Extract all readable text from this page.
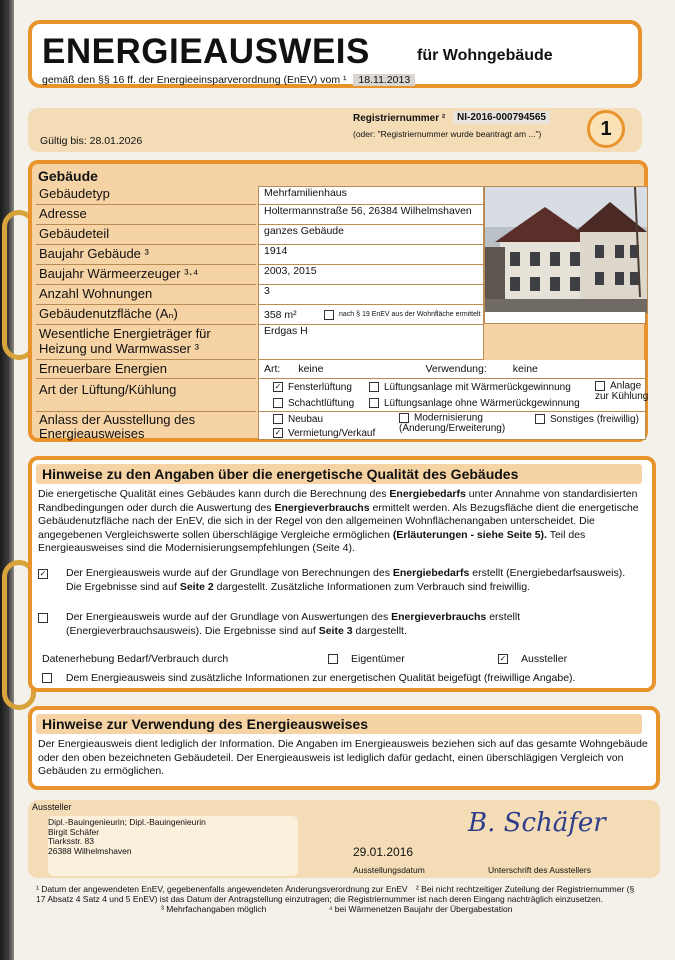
ENERGIEAUSWEIS	für Wohngebäude
gemäß den §§ 16 ff. der Energieeinsparverordnung (EnEV) vom ¹ 18.11.2013
Gültig bis: 28.01.2026
Registriernummer ²	NI-2016-000794565
(oder: "Registriernummer wurde beantragt am ...")	1
Gebäude
Gebäudetyp	Mehrfamilienhaus
Adresse	Holtermannstraße 56, 26384 Wilhelmshaven
Gebäudeteil	ganzes Gebäude
Baujahr Gebäude ³	1914
Baujahr Wärmeerzeuger ³·⁴	2003, 2015
Anzahl Wohnungen	3
Gebäudenutzfläche (Aₙ)	358 m²	nach § 19 EnEV aus der Wohnfläche ermittelt
Wesentliche Energieträger für
Heizung und Warmwasser ³
Erdgas H
Erneuerbare Energien	Art: keine	Verwendung: keine
Art der Lüftung/Kühlung	✓ Fensterlüftung	Lüftungsanlage mit Wärmerückgewinnung	Anlage zur Kühlung
Schachtlüftung	Lüftungsanlage ohne Wärmerückgewinnung
Anlass der Ausstellung des
Energieausweises
Neubau	Modernisierung (Änderung/Erweiterung)
Sonstiges (freiwillig)
✓ Vermietung/Verkauf
Hinweise zu den Angaben über die energetische Qualität des Gebäudes
Die energetische Qualität eines Gebäudes kann durch die Berechnung des Energiebedarfs unter Annahme von standardisierten Randbedingungen oder durch die Auswertung des Energieverbrauchs ermittelt werden. Als Bezugsfläche dient die energetische Gebäudenutzfläche nach der EnEV, die sich in der Regel von den allgemeinen Wohnflächenangaben unterscheidet. Die angegebenen Vergleichswerte sollen überschlägige Vergleiche ermöglichen (Erläuterungen - siehe Seite 5). Teil des Energieausweises sind die Modernisierungsempfehlungen (Seite 4).
✓ Der Energieausweis wurde auf der Grundlage von Berechnungen des Energiebedarfs erstellt (Energiebedarfsausweis). Die Ergebnisse sind auf Seite 2 dargestellt. Zusätzliche Informationen zum Verbrauch sind freiwillig.
Der Energieausweis wurde auf der Grundlage von Auswertungen des Energieverbrauchs erstellt (Energieverbrauchsausweis). Die Ergebnisse sind auf Seite 3 dargestellt.
Datenerhebung Bedarf/Verbrauch durch	Eigentümer	✓ Aussteller
Dem Energieausweis sind zusätzliche Informationen zur energetischen Qualität beigefügt (freiwillige Angabe).
Hinweise zur Verwendung des Energieausweises
Der Energieausweis dient lediglich der Information. Die Angaben im Energieausweis beziehen sich auf das gesamte Wohngebäude oder den oben bezeichneten Gebäudeteil. Der Energieausweis ist lediglich dafür gedacht, einen überschlägigen Vergleich von Gebäuden zu ermöglichen.
Aussteller
Dipl.-Bauingenieurin; Dipl.-Bauingenieurin
Birgit Schäfer
Tiarksstr. 83
26388 Wilhelmshaven	29.01.2016
Ausstellungsdatum
B. Schäfer
Unterschrift des Ausstellers
¹ Datum der angewendeten EnEV, gegebenenfalls angewendeten Änderungsverordnung zur EnEV ² Bei nicht rechtzeitiger Zuteilung der Registriernummer (§ 17 Absatz 4 Satz 4 und 5 EnEV) ist das Datum der Antragstellung einzutragen; die Registriernummer ist nach deren Eingang nachträglich einzusetzen.
³ Mehrfachangaben möglich	⁴ bei Wärmenetzen Baujahr der Übergabestation
